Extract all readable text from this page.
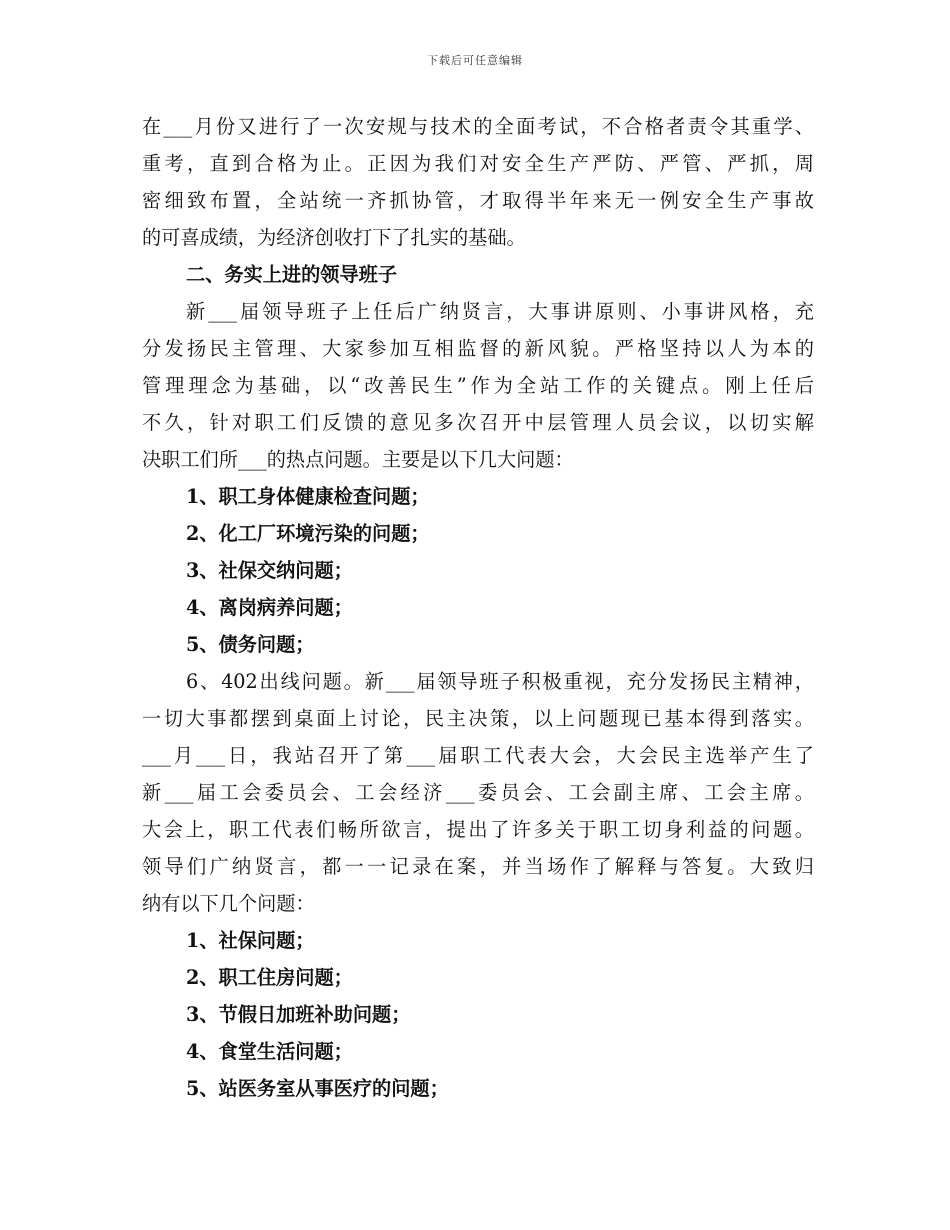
下载后可任意编辑
在___月份又进行了一次安规与技术的全面考试，不合格者责令其重学、
重考，直到合格为止。正因为我们对安全生产严防、严管、严抓，周
密细致布置，全站统一齐抓协管，才取得半年来无一例安全生产事故
的可喜成绩，为经济创收打下了扎实的基础。
二、务实上进的领导班子
新___届领导班子上任后广纳贤言，大事讲原则、小事讲风格，充
分发扬民主管理、大家参加互相监督的新风貌。严格坚持以人为本的
管理理念为基础，以“改善民生”作为全站工作的关键点。刚上任后
不久，针对职工们反馈的意见多次召开中层管理人员会议，以切实解
决职工们所___的热点问题。主要是以下几大问题：
1、职工身体健康检查问题；
2、化工厂环境污染的问题；
3、社保交纳问题；
4、离岗病养问题；
5、债务问题；
6、402出线问题。新___届领导班子积极重视，充分发扬民主精神，
一切大事都摆到桌面上讨论，民主决策，以上问题现已基本得到落实。
___月___日，我站召开了第___届职工代表大会，大会民主选举产生了
新___届工会委员会、工会经济___委员会、工会副主席、工会主席。
大会上，职工代表们畅所欲言，提出了许多关于职工切身利益的问题。
领导们广纳贤言，都一一记录在案，并当场作了解释与答复。大致归
纳有以下几个问题：
1、社保问题；
2、职工住房问题；
3、节假日加班补助问题；
4、食堂生活问题；
5、站医务室从事医疗的问题；
